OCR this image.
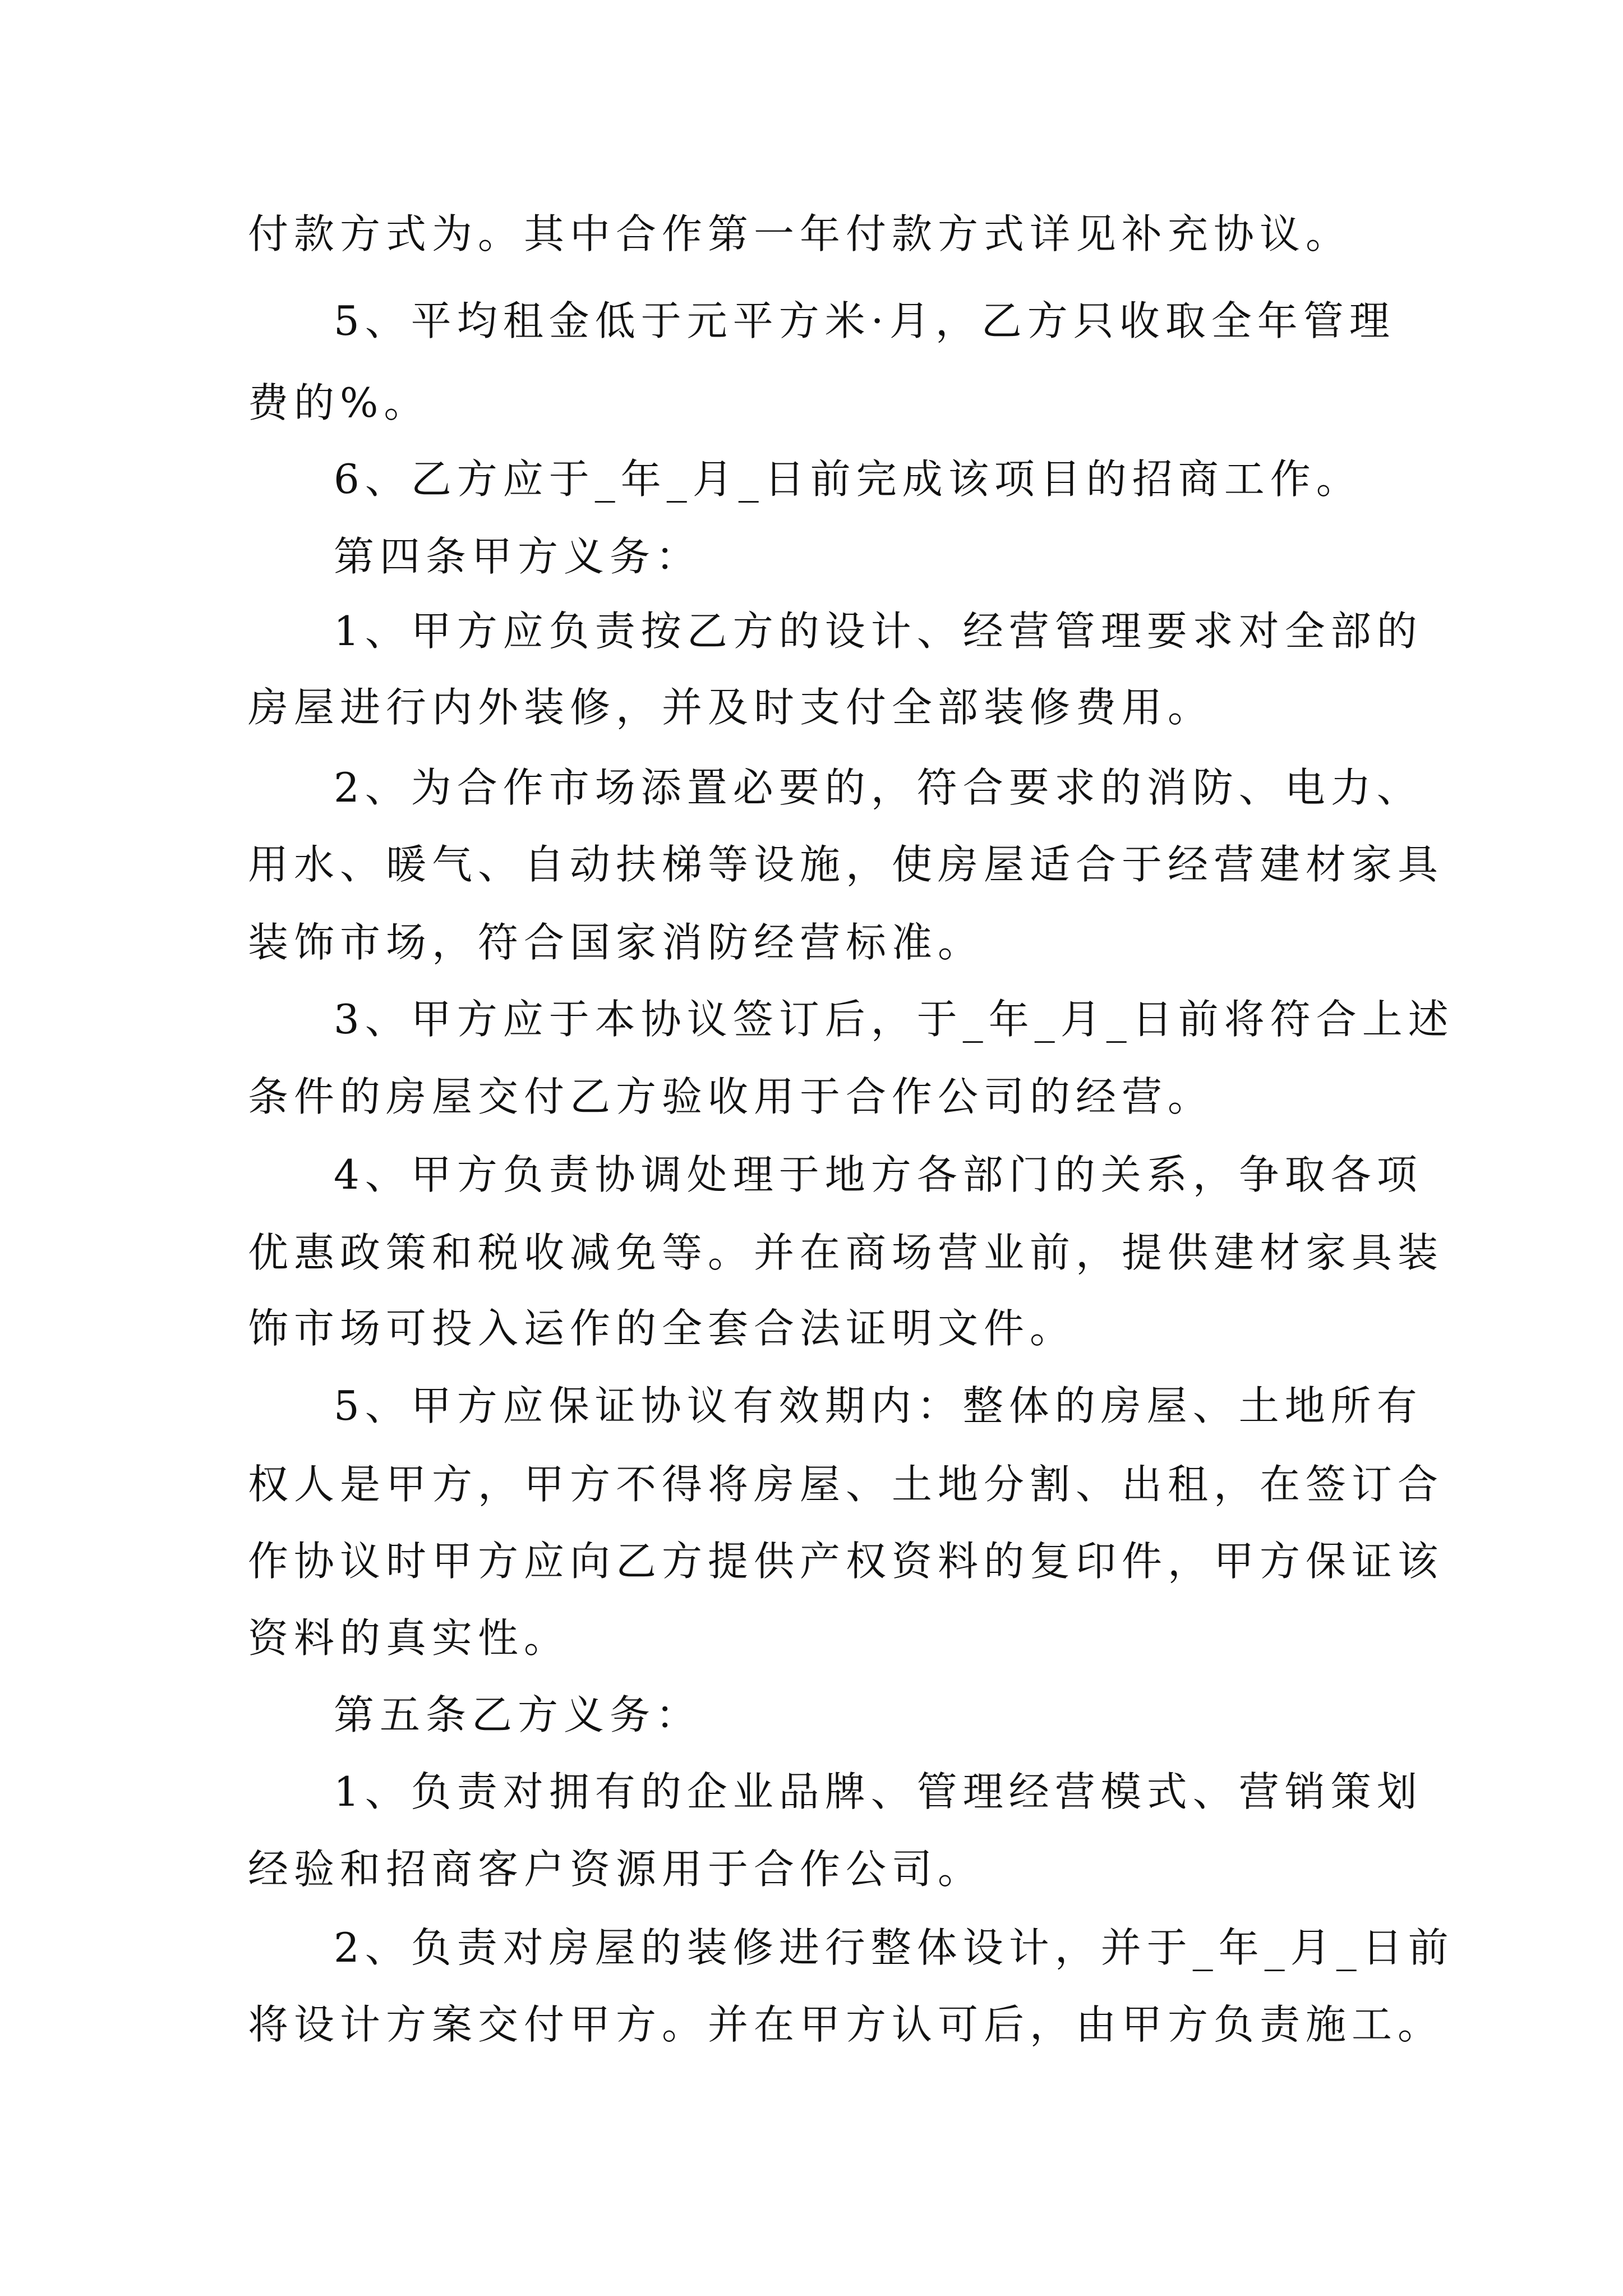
付款方式为。其中合作第一年付款方式详见补充协议。

5、平均租金低于元平方米·月，乙方只收取全年管理

费的%。

6、乙方应于_年_月_日前完成该项目的招商工作。

第四条甲方义务：

1、甲方应负责按乙方的设计、经营管理要求对全部的

房屋进行内外装修，并及时支付全部装修费用。

2、为合作市场添置必要的，符合要求的消防、电力、

用水、暖气、自动扶梯等设施，使房屋适合于经营建材家具

装饰市场，符合国家消防经营标准。

3、甲方应于本协议签订后，于_年_月_日前将符合上述

条件的房屋交付乙方验收用于合作公司的经营。

4、甲方负责协调处理于地方各部门的关系，争取各项

优惠政策和税收减免等。并在商场营业前，提供建材家具装

饰市场可投入运作的全套合法证明文件。

5、甲方应保证协议有效期内：整体的房屋、土地所有

权人是甲方，甲方不得将房屋、土地分割、出租，在签订合

作协议时甲方应向乙方提供产权资料的复印件，甲方保证该

资料的真实性。

第五条乙方义务：

1、负责对拥有的企业品牌、管理经营模式、营销策划

经验和招商客户资源用于合作公司。

2、负责对房屋的装修进行整体设计，并于_年_月_日前

将设计方案交付甲方。并在甲方认可后，由甲方负责施工。
